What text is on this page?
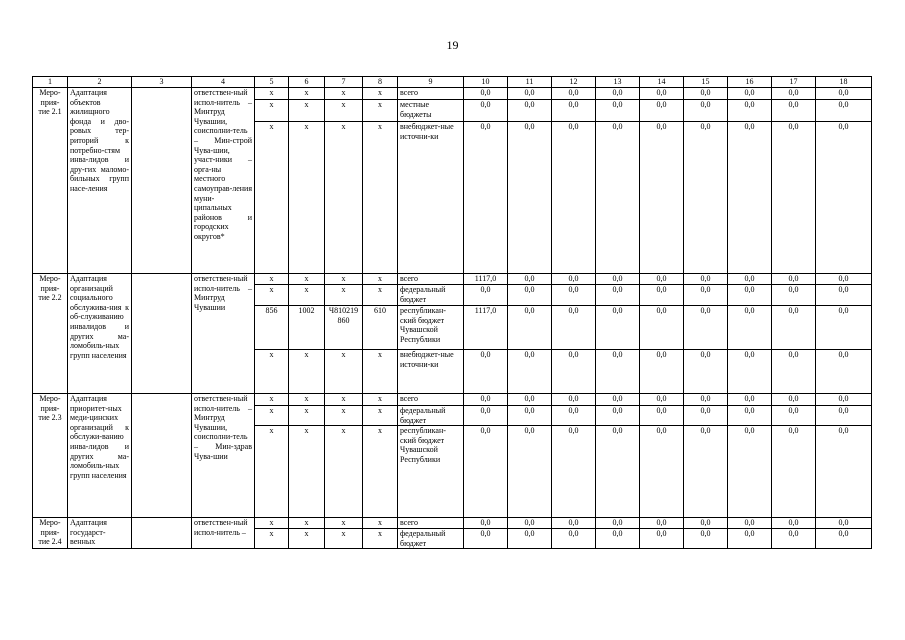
19
1	2	3	4	5	6	7	8	9	10	11	12	13	14	15	16	17	18
Меро-
прия-
тие 2.1	Адаптация объектов жилищного фонда и дво-ровых тер-риторий к потребно-стям инва-лидов и дру-гих маломо-бильных групп насе-ления		ответствен-ный испол-нитель – Минтруд Чувашии, соисполни-тель – Мин-строй Чува-шии, участ-ники – орга-ны местного самоуправ-ления муни-ципальных районов и городских округов*	х	х	х	х	всего	0,0	0,0	0,0	0,0	0,0	0,0	0,0	0,0	0,0
				х	х	х	х	местные бюджеты	0,0	0,0	0,0	0,0	0,0	0,0	0,0	0,0	0,0
				х	х	х	х	внебюджет-ные источни-ки	0,0	0,0	0,0	0,0	0,0	0,0	0,0	0,0	0,0
Меро-
прия-
тие 2.2	Адаптация организаций социального обслужива-ния к об-служиванию инвалидов и других ма-ломобиль-ных групп населения		ответствен-ный испол-нитель – Минтруд Чувашии	х	х	х	х	всего	1117,0	0,0	0,0	0,0	0,0	0,0	0,0	0,0	0,0
				х	х	х	х	федеральный бюджет	0,0	0,0	0,0	0,0	0,0	0,0	0,0	0,0	0,0
				856	1002	Ч810219 860	610	республикан-ский бюджет Чувашской Республики	1117,0	0,0	0,0	0,0	0,0	0,0	0,0	0,0	0,0
				х	х	х	х	внебюджет-ные источни-ки	0,0	0,0	0,0	0,0	0,0	0,0	0,0	0,0	0,0
Меро-
прия-
тие 2.3	Адаптация приоритет-ных меди-цинских организаций к обслужи-ванию инва-лидов и других ма-ломобиль-ных групп населения		ответствен-ный испол-нитель – Минтруд Чувашии, соисполни-тель – Мин-здрав Чува-шии	х	х	х	х	всего	0,0	0,0	0,0	0,0	0,0	0,0	0,0	0,0	0,0
				х	х	х	х	федеральный бюджет	0,0	0,0	0,0	0,0	0,0	0,0	0,0	0,0	0,0
				х	х	х	х	республикан-ский бюджет Чувашской Республики	0,0	0,0	0,0	0,0	0,0	0,0	0,0	0,0	0,0
Меро-
прия-
тие 2.4	Адаптация государст-венных		ответствен-ный испол-нитель –	х	х	х	х	всего	0,0	0,0	0,0	0,0	0,0	0,0	0,0	0,0	0,0
				х	х	х	х	федеральный бюджет	0,0	0,0	0,0	0,0	0,0	0,0	0,0	0,0	0,0
